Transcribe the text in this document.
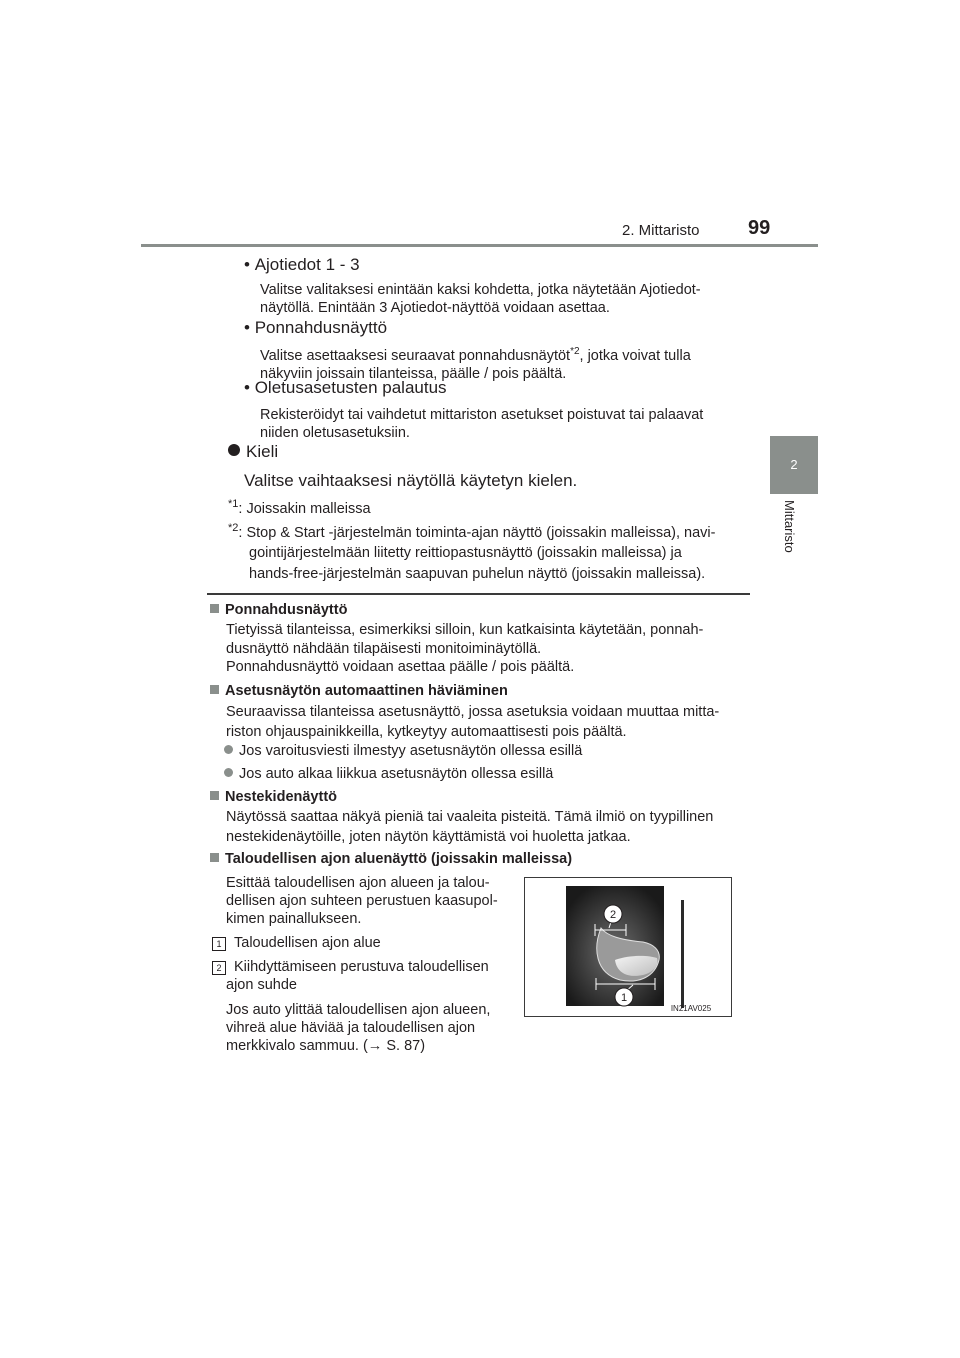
2. Mittaristo 99
2
Mittaristo
• Ajotiedot 1 - 3
Valitse valitaksesi enintään kaksi kohdetta, jotka näytetään Ajotiedot-
näytöllä. Enintään 3 Ajotiedot-näyttöä voidaan asettaa.
• Ponnahdusnäyttö
Valitse asettaaksesi seuraavat ponnahdusnäytöt$^{*2}$, jotka voivat tulla
näkyviin joissain tilanteissa, päälle / pois päältä.
• Oletusasetusten palautus
Rekisteröidyt tai vaihdetut mittariston asetukset poistuvat tai palaavat
niiden oletusasetuksiin.
Kieli
Valitse vaihtaaksesi näytöllä käytetyn kielen.
$^{*1}$: Joissakin malleissa
$^{*2}$: Stop & Start -järjestelmän toiminta-ajan näyttö (joissakin malleissa), navi-
gointijärjestelmään liitetty reittiopastusnäyttö (joissakin malleissa) ja
hands-free-järjestelmän saapuvan puhelun näyttö (joissakin malleissa).
Ponnahdusnäyttö
Tietyissä tilanteissa, esimerkiksi silloin, kun katkaisinta käytetään, ponnah-
dusnäyttö nähdään tilapäisesti monitoiminäytöllä.
Ponnahdusnäyttö voidaan asettaa päälle / pois päältä.
Asetusnäytön automaattinen häviäminen
Seuraavissa tilanteissa asetusnäyttö, jossa asetuksia voidaan muuttaa mitta-
riston ohjauspainikkeilla, kytkeytyy automaattisesti pois päältä.
Jos varoitusviesti ilmestyy asetusnäytön ollessa esillä
Jos auto alkaa liikkua asetusnäytön ollessa esillä
Nestekidenäyttö
Näytössä saattaa näkyä pieniä tai vaaleita pisteitä. Tämä ilmiö on tyypillinen
nestekidenäytöille, joten näytön käyttämistä voi huoletta jatkaa.
Taloudellisen ajon aluenäyttö (joissakin malleissa)
Esittää taloudellisen ajon alueen ja talou-
dellisen ajon suhteen perustuen kaasupol-
kimen painallukseen.
1 Taloudellisen ajon alue
2 Kiihdyttämiseen perustuva taloudellisen
ajon suhde
Jos auto ylittää taloudellisen ajon alueen,
vihreä alue häviää ja taloudellisen ajon
merkkivalo sammuu. (→ S. 87)
2
1
IN21AV025
